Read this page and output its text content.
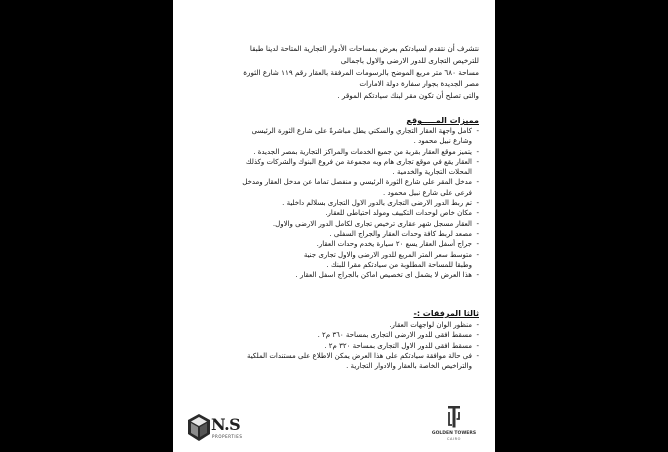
نتشرف أن نتقدم لسيادتكم بعرض بمساحات الأدوار التجارية المتاحة لدينا طبقا
للترخيص التجارى للدور الارضى والاول باجمالى
مساحة ٦٨٠ متر مربع الموضح بالرسومات المرفقة بالعقار رقم ١١٩ شارع الثورة
مصر الجديدة بجوار سفارة دولة الامارات
والتى تصلح أن تكون مقر لبنك سيادتكم الموقر .
مميزات المـــــوقع
- كامل واجهة العقار التجاري والسكني يطل مباشرةً على شارع الثورة الرئيسى
وشارع نبيل محمود .
- يتميز موقع العقار بقربة من جميع الخدمات والمراكز التجارية بمصر الجديدة .
- العقار يقع في موقع تجارى هام وبه مجموعة من فروع البنوك والشركات وكذلك
المحلات التجارية والخدمية .
- مدخل المقر على شارع الثورة الرئيسي و منفصل تماما عن مدخل العقار ومدخل
فرعى على شارع نبيل محمود .
- تم ربط الدور الارضى التجارى بالدور الاول التجارى بسلالم داخلية .
- مكان خاص لوحدات التكييف ومولد احتياطى للعقار.
- العقار مسجل شهر عقارى ترخيص تجارى لكامل الدور الارضى والاول.
- مصعد لربط كافة وحدات العقار والجراج السفلى .
- جراج أسفل العقار يسع ٢٠ سيارة يخدم وحدات العقار.
- متوسط سعر المتر المربع للدور الارضى والاول تجارى جنية
وطبقا للمساحة المطلوبة من سيادتكم مقرا للبنك .
- هذا العرض لا يشمل اى تخصيص اماكن بالجراج اسفل العقار .
ثالثا المرفقات :-
- منظور الوان لواجهات العقار.
- مسقط افقى للدور الارضى التجارى بمساحة ٣٦٠ م٢ .
- مسقط افقى للدور الاول التجارى بمساحة ٣٢٠ م٢ .
- فى حالة موافقة سيادتكم على هذا العرض يمكن الاطلاع على مستندات الملكية
والتراخيص الخاصة بالعقار والادوار التجارية .
N.S
PROPERTIES
GOLDEN TOWERS
CAIRO
